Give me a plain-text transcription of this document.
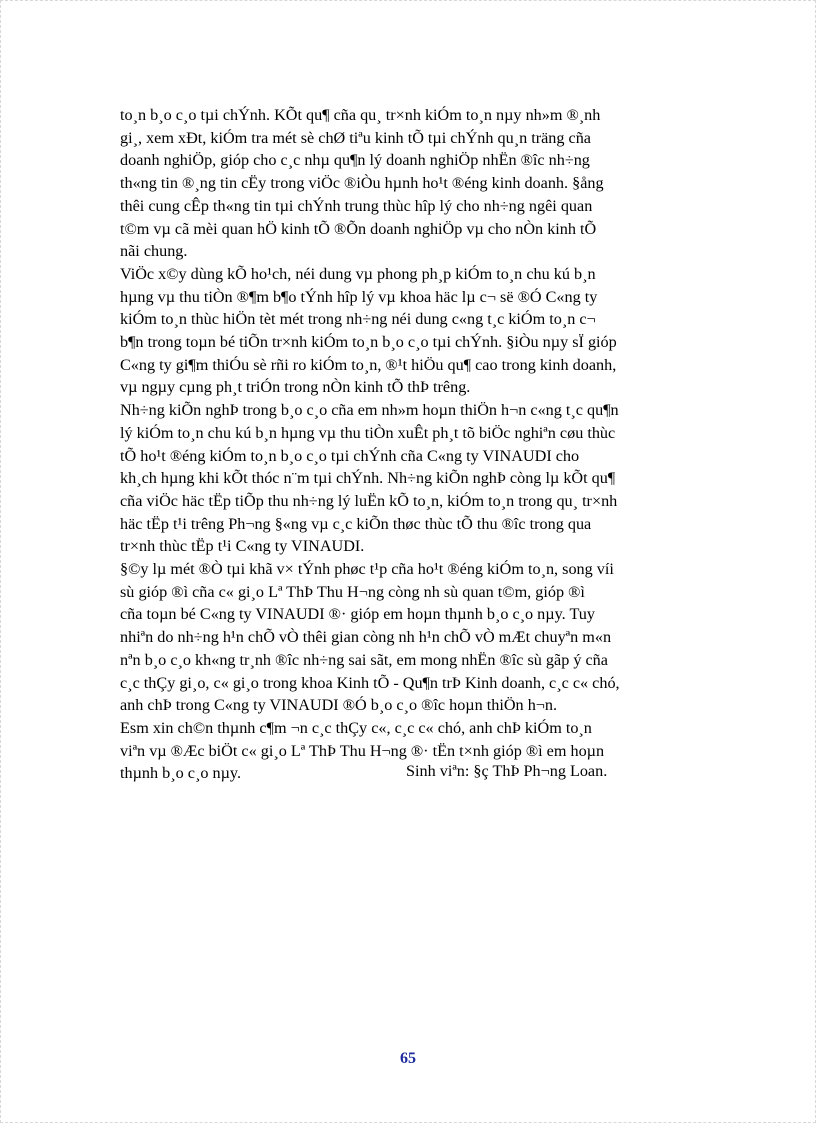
to¸n b¸o c¸o tµi chÝnh. KÕt qu¶ cña qu¸ tr×nh kiÓm to¸n nµy nh»m ®¸nh
gi¸, xem xÐt, kiÓm tra mét sè chØ tiªu kinh tÕ tµi chÝnh qu¸n träng cña
doanh nghiÖp, gióp cho c¸c nhµ qu¶n lý doanh nghiÖp nhËn ®îc nh÷ng
th«ng tin ®¸ng tin cËy trong viÖc ®iÒu hµnh ho¹t ®éng kinh doanh. §ång
thêi cung cÊp th«ng tin tµi chÝnh trung thùc hîp lý cho nh÷ng ngêi quan
t©m vµ cã mèi quan hÖ kinh tÕ ®Õn doanh nghiÖp vµ cho nÒn kinh tÕ
nãi chung.

ViÖc x©y dùng kÕ ho¹ch, néi dung vµ phong ph¸p kiÓm to¸n chu kú b¸n
hµng vµ thu tiÒn ®¶m b¶o tÝnh hîp lý vµ khoa häc lµ c¬ së ®Ó C«ng ty
kiÓm to¸n thùc hiÖn tèt mét trong nh÷ng néi dung c«ng t¸c kiÓm to¸n c¬
b¶n trong toµn bé tiÕn tr×nh kiÓm to¸n b¸o c¸o tµi chÝnh. §iÒu nµy sÏ gióp
C«ng ty gi¶m thiÓu sè rñi ro kiÓm to¸n, ®¹t hiÖu qu¶ cao trong kinh doanh,
vµ ngµy cµng ph¸t triÓn trong nÒn kinh tÕ thÞ trêng.

Nh÷ng kiÕn nghÞ trong b¸o c¸o cña em nh»m hoµn thiÖn h¬n c«ng t¸c qu¶n
lý kiÓm to¸n chu kú b¸n hµng vµ thu tiÒn xuÊt ph¸t tõ biÖc nghiªn cøu thùc
tÕ ho¹t ®éng kiÓm to¸n b¸o c¸o tµi chÝnh cña C«ng ty VINAUDI cho
kh¸ch hµng khi kÕt thóc n¨m tµi chÝnh. Nh÷ng kiÕn nghÞ còng lµ kÕt qu¶
cña viÖc häc tËp tiÕp thu nh÷ng lý luËn kÕ to¸n, kiÓm to¸n trong qu¸ tr×nh
häc tËp t¹i trêng Ph¬ng §«ng vµ c¸c kiÕn thøc thùc tÕ thu ®îc trong qua
tr×nh thùc tËp t¹i C«ng ty VINAUDI.

§©y lµ mét ®Ò tµi khã v× tÝnh phøc t¹p cña ho¹t ®éng kiÓm to¸n, song víi
sù gióp ®ì cña c« gi¸o Lª ThÞ Thu H¬ng còng nh sù quan t©m, gióp ®ì
cña toµn bé C«ng ty VINAUDI ®· gióp em hoµn thµnh b¸o c¸o nµy. Tuy
nhiªn do nh÷ng h¹n chÕ vÒ thêi gian còng nh h¹n chÕ vÒ mÆt chuyªn m«n
nªn b¸o c¸o kh«ng tr¸nh ®îc nh÷ng sai sãt, em mong nhËn ®îc sù gãp ý cña
c¸c thÇy gi¸o, c« gi¸o trong khoa Kinh tÕ - Qu¶n trÞ Kinh doanh, c¸c c« chó,
anh chÞ trong C«ng ty VINAUDI ®Ó b¸o c¸o ®îc hoµn thiÖn h¬n.

Esm xin ch©n thµnh c¶m ¬n c¸c thÇy c«, c¸c c« chó, anh chÞ kiÓm to¸n
viªn vµ ®Æc biÖt c« gi¸o Lª ThÞ Thu H¬ng ®· tËn t×nh gióp ®ì em hoµn
thµnh b¸o c¸o nµy.	Sinh viªn: §ç ThÞ Ph¬ng Loan.
65
